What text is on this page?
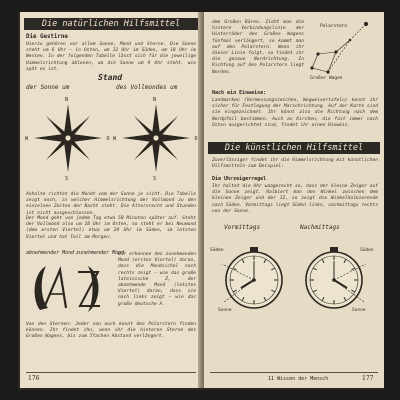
Die natürlichen Hilfsmittel
Die Gestirne
Hierzu gehören vor allem Sonne, Mond und Sterne. Die Sonne steht um 6 Uhr — in Osten, um 12 Uhr im Süden, um 18 Uhr im Westen. In der folgenden Tabelle lässt sich für die jeweilige Himmelsrichtung ablesen, wo die Sonne um 9 Uhr steht, wie spät es ist.
Stand
der Sonne um	des Vollmondes um
N S W	O
N S W	O
Anhalte richtet die Mondt vom der Sonne je sicht. Die Tabelle zeigt euch, in welcher Himmelsrichtung der Vollmond zu den einzelnen Zeiten der Nacht steht. Die Altersrecht und Stunden ist nicht ausgeschlossen.
Der Mond geht von jedem Tag etwa 50 Minuten später auf. Steht der Vollmond also um 18 Uhr im Osten, so steht er bei Neumond (dem ersten Viertel) etwa um 24 Uhr im Süden, im letzten Viertel und hat Teil am Morgen.
abnehmender Mond zunehmender Mond
Wir erkennen den zunehmenden Mond (erstes Viertel) daran, dass die Mondsichel nach rechts zeigt — wie das große lateinische Z, der abnehmende Mond (letztes Viertel) daran, dass sie nach links zeigt — wie das große deutsche A.
Von den Sternen: Jeder von euch kennt den Polarstern finden können. Ihr findet ihn, wenn ihr die hinteren Sterne des Großen Wagens, bis zum 5fachen Abstand verlängert.
176
dem Großen Bären. Zieht man die hintere Verbindungslinie der Hinterräder des Großen Wagens fünfmal verlängert, so kommt man auf den Polarstern. Wenn ihr dieser Linie folgt, so findet ihr die genaue Nordrichtung. In Richtung auf den Polarstern liegt Norden.
Polarstern
Großer Wagen
Nach ein Einweise:
Landmarken (Vermessungszeichen, Wegweisertafeln) kennt ihr sicher für Festlegung der Marschrichtung. Auf der Karte sind sie eingezeichnet. Ihr könnt also die Richtung nach dem Nordpfeil bestimmen. Auch an Kirchen, die fast immer nach Osten ausgerichtet sind, findet ihr einen Hinweis.
Die künstlichen Hilfsmittel
Zuverlässiger findet ihr die Himmelsrichtung mit künstlichen Hilfsmitteln zum Beispiel:
Die Uhrzeigerregel
Ihr haltet die Uhr waagerecht so, dass der kleine Zeiger auf die Sonne zeigt. Halbiert man den Winkel zwischen dem kleinen Zeiger und der 12, so zeigt die Winkelhalbierende nach Süden. Vormittags liegt Süden links, nachmittags rechts von der Sonne.
Vormittags	Nachmittags
Süden	Süden
Sonne	Sonne
11 Wissen der Mensch	177
